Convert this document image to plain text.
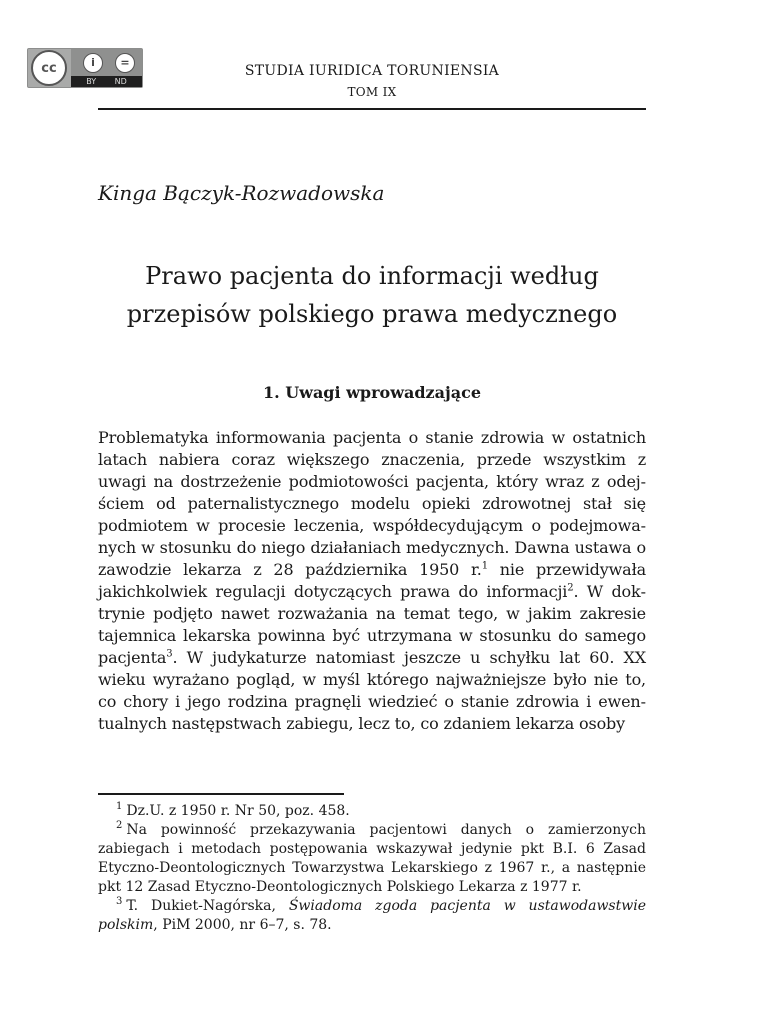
cc	i	=
BY ND
STUDIA IURIDICA TORUNIENSIA
TOM IX
Kinga Bączyk-Rozwadowska
Prawo pacjenta do informacji według
przepisów polskiego prawa medycznego
1. Uwagi wprowadzające

Problematyka informowania pacjenta o stanie zdrowia w ostatnich latach nabiera coraz większego znaczenia, przede wszystkim z uwagi na dostrzeżenie podmiotowości pacjenta, który wraz z odejściem od paternalistycznego modelu opieki zdrowotnej stał się podmiotem w procesie leczenia, współdecydującym o podejmowanych w stosunku do niego działaniach medycznych. Dawna ustawa o zawodzie lekarza z 28 października 1950 r.$^1$ nie przewidywała jakichkolwiek regulacji dotyczących prawa do informacji$^2$. W doktrynie podjęto nawet rozważania na temat tego, w jakim zakresie tajemnica lekarska powinna być utrzymana w stosunku do samego pacjenta$^3$. W judykaturze natomiast jeszcze u schyłku lat 60. XX wieku wyrażano pogląd, w myśl którego najważniejsze było nie to, co chory i jego rodzina pragnęli wiedzieć o stanie zdrowia i ewentualnych następstwach zabiegu, lecz to, co zdaniem lekarza osoby

$^1$ Dz.U. z 1950 r. Nr 50, poz. 458.

$^2$ Na powinność przekazywania pacjentowi danych o zamierzonych zabiegach i metodach postępowania wskazywał jedynie pkt B.I. 6 Zasad Etyczno-Deontologicznych Towarzystwa Lekarskiego z 1967 r., a następnie pkt 12 Zasad Etyczno-Deontologicznych Polskiego Lekarza z 1977 r.

$^3$ T. Dukiet-Nagórska, Świadoma zgoda pacjenta w ustawodawstwie polskim, PiM 2000, nr 6–7, s. 78.
